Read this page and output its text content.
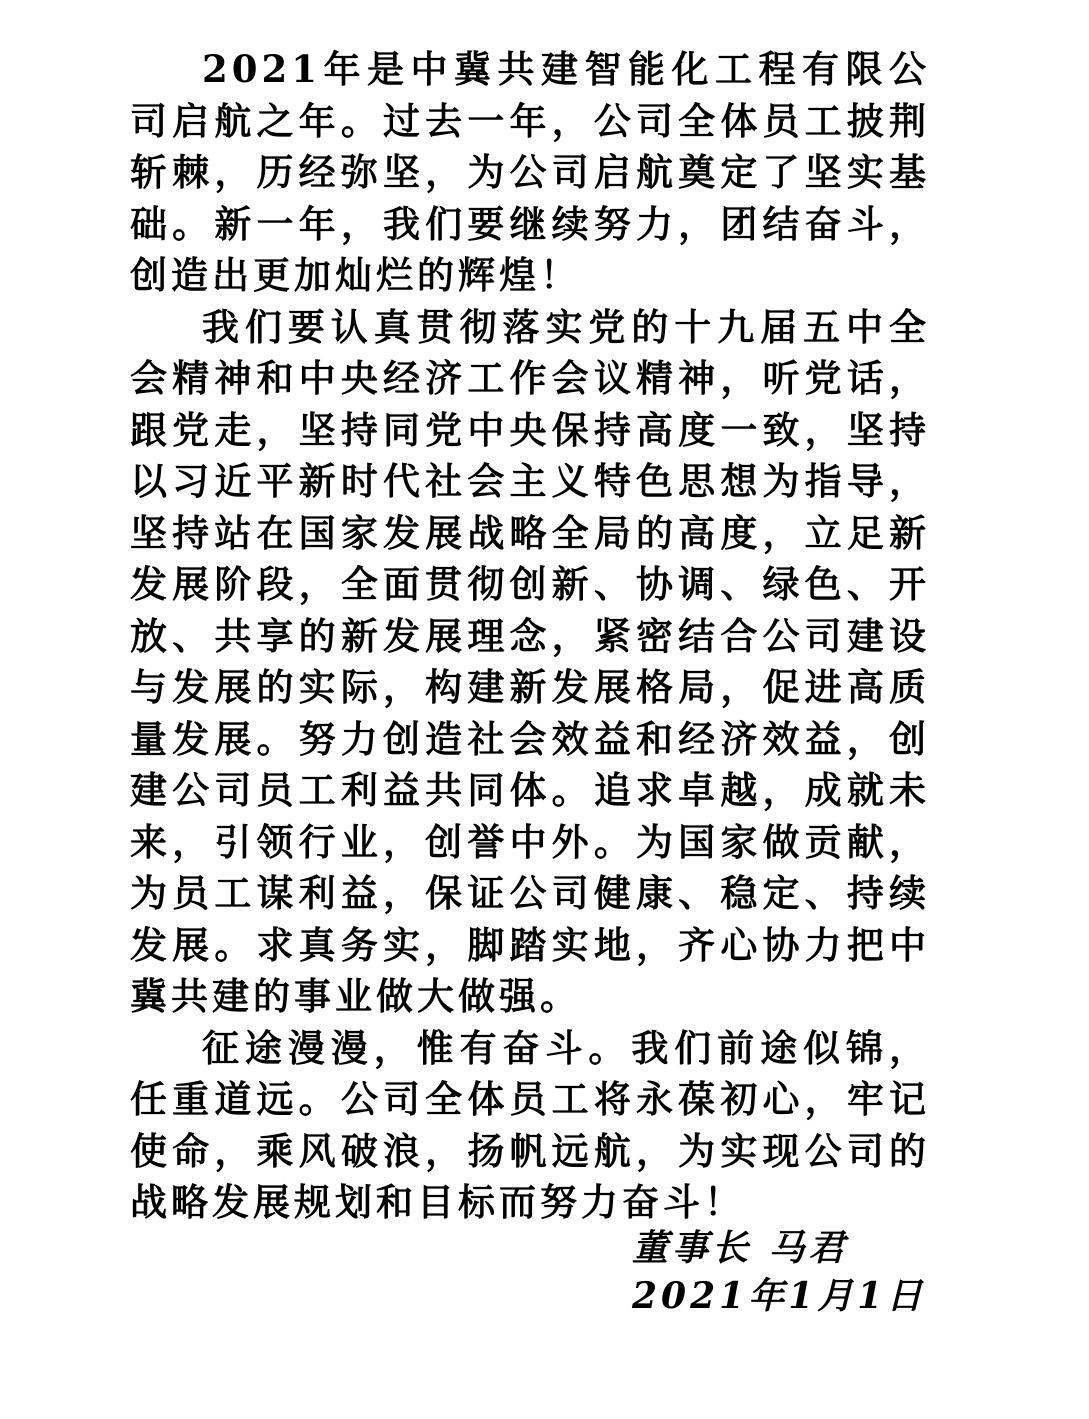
2021年是中冀共建智能化工程有限公司启航之年。过去一年，公司全体员工披荆斩棘，历经弥坚，为公司启航奠定了坚实基础。新一年，我们要继续努力，团结奋斗，创造出更加灿烂的辉煌！

我们要认真贯彻落实党的十九届五中全会精神和中央经济工作会议精神，听党话，跟党走，坚持同党中央保持高度一致，坚持以习近平新时代社会主义特色思想为指导，坚持站在国家发展战略全局的高度，立足新发展阶段，全面贯彻创新、协调、绿色、开放、共享的新发展理念，紧密结合公司建设与发展的实际，构建新发展格局，促进高质量发展。努力创造社会效益和经济效益，创建公司员工利益共同体。追求卓越，成就未来，引领行业，创誉中外。为国家做贡献，为员工谋利益，保证公司健康、稳定、持续发展。求真务实，脚踏实地，齐心协力把中冀共建的事业做大做强。

征途漫漫，惟有奋斗。我们前途似锦，任重道远。公司全体员工将永葆初心，牢记使命，乘风破浪，扬帆远航，为实现公司的战略发展规划和目标而努力奋斗！

董事长 马君

2021年1月1日
